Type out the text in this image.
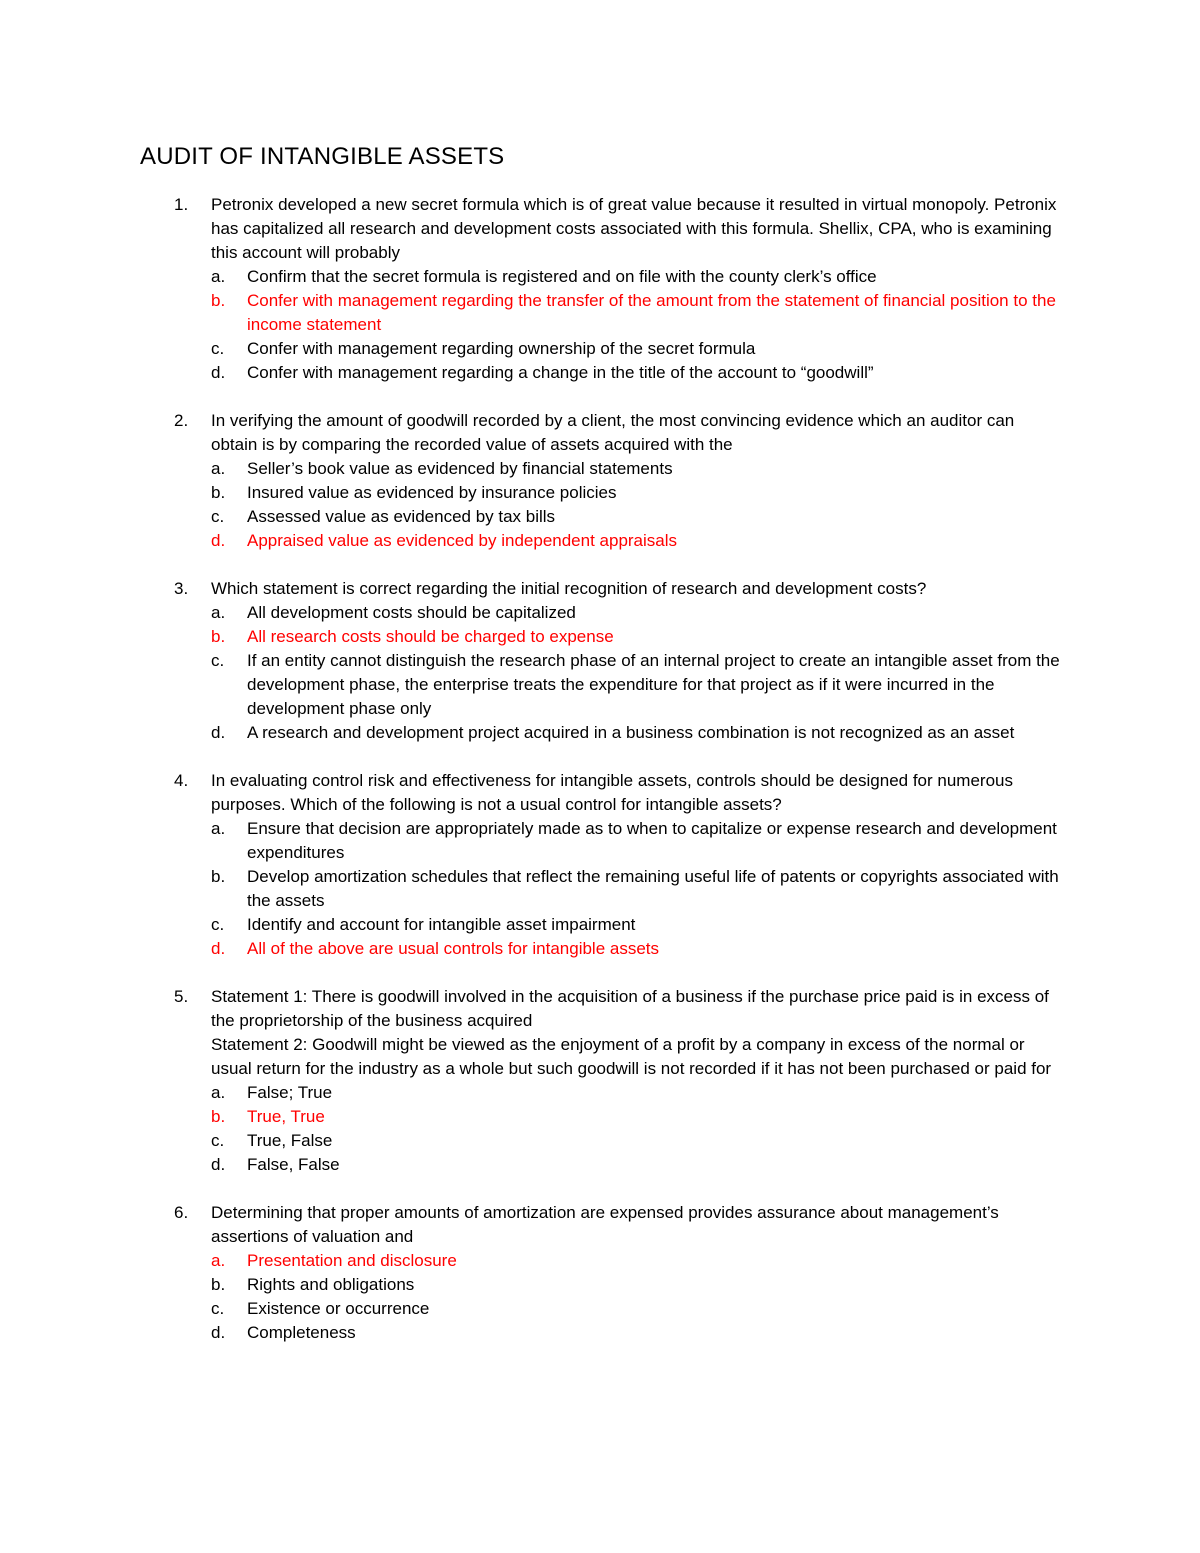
AUDIT OF INTANGIBLE ASSETS
1. Petronix developed a new secret formula which is of great value because it resulted in virtual monopoly. Petronix has capitalized all research and development costs associated with this formula. Shellix, CPA, who is examining this account will probably
a. Confirm that the secret formula is registered and on file with the county clerk’s office
b. Confer with management regarding the transfer of the amount from the statement of financial position to the income statement
c. Confer with management regarding ownership of the secret formula
d. Confer with management regarding a change in the title of the account to “goodwill”
2. In verifying the amount of goodwill recorded by a client, the most convincing evidence which an auditor can obtain is by comparing the recorded value of assets acquired with the
a. Seller’s book value as evidenced by financial statements
b. Insured value as evidenced by insurance policies
c. Assessed value as evidenced by tax bills
d. Appraised value as evidenced by independent appraisals
3. Which statement is correct regarding the initial recognition of research and development costs?
a. All development costs should be capitalized
b. All research costs should be charged to expense
c. If an entity cannot distinguish the research phase of an internal project to create an intangible asset from the development phase, the enterprise treats the expenditure for that project as if it were incurred in the development phase only
d. A research and development project acquired in a business combination is not recognized as an asset
4. In evaluating control risk and effectiveness for intangible assets, controls should be designed for numerous purposes. Which of the following is not a usual control for intangible assets?
a. Ensure that decision are appropriately made as to when to capitalize or expense research and development expenditures
b. Develop amortization schedules that reflect the remaining useful life of patents or copyrights associated with the assets
c. Identify and account for intangible asset impairment
d. All of the above are usual controls for intangible assets
5. Statement 1: There is goodwill involved in the acquisition of a business if the purchase price paid is in excess of the proprietorship of the business acquired
Statement 2: Goodwill might be viewed as the enjoyment of a profit by a company in excess of the normal or usual return for the industry as a whole but such goodwill is not recorded if it has not been purchased or paid for
a. False; True
b. True, True
c. True, False
d. False, False
6. Determining that proper amounts of amortization are expensed provides assurance about management’s assertions of valuation and
a. Presentation and disclosure
b. Rights and obligations
c. Existence or occurrence
d. Completeness
